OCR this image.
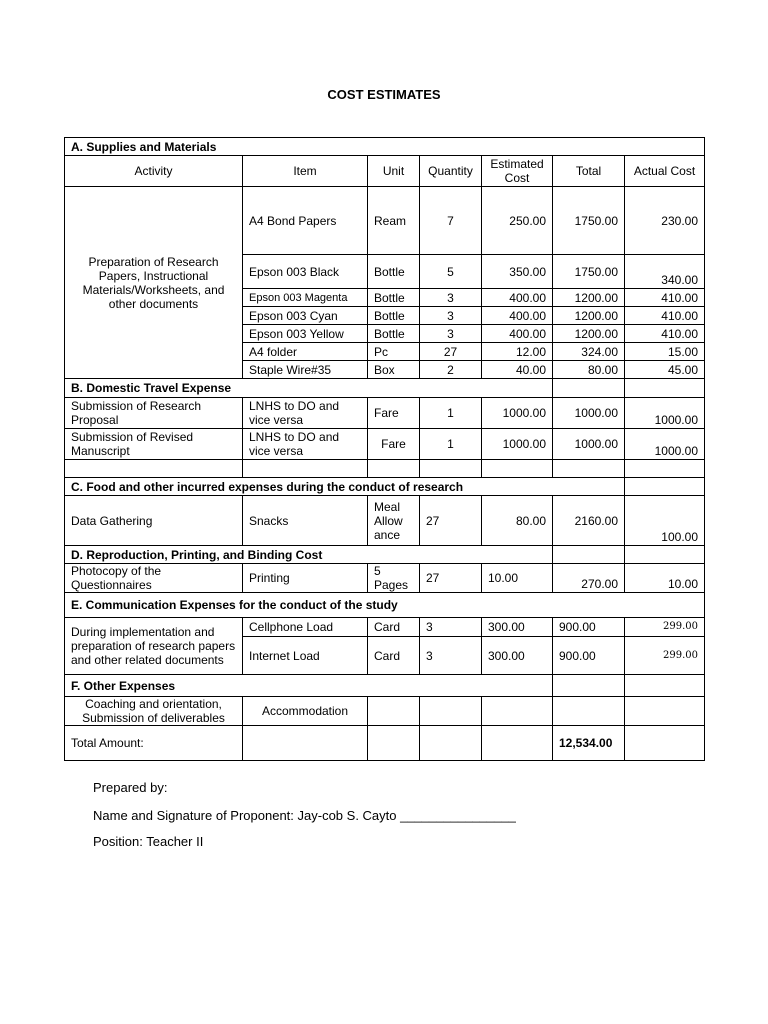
COST ESTIMATES
A. Supplies and Materials						
Activity	Item	Unit	Quantity	Estimated Cost	Total	Actual Cost
Preparation of Research Papers, Instructional Materials/Worksheets, and other documents	A4 Bond Papers	Ream	7	250.00	1750.00	230.00
	Epson 003 Black	Bottle	5	350.00	1750.00	340.00
	Epson 003 Magenta	Bottle	3	400.00	1200.00	410.00
	Epson 003 Cyan	Bottle	3	400.00	1200.00	410.00
	Epson 003 Yellow	Bottle	3	400.00	1200.00	410.00
	A4 folder	Pc	27	12.00	324.00	15.00
	Staple Wire#35	Box	2	40.00	80.00	45.00
B. Domestic Travel Expense						
Submission of Research Proposal	LNHS to DO and vice versa	Fare	1	1000.00	1000.00	1000.00
Submission of Revised Manuscript	LNHS to DO and vice versa	Fare	1	1000.00	1000.00	1000.00

C. Food and other incurred expenses during the conduct of research						
Data Gathering	Snacks	Meal Allow ance	27	80.00	2160.00	100.00
D. Reproduction, Printing, and Binding Cost						
Photocopy of the Questionnaires	Printing	5 Pages	27	10.00	270.00	10.00
E. Communication Expenses for the conduct of the study						
During implementation and preparation of research papers and other related documents	Cellphone Load	Card	3	300.00	900.00	299.00
	Internet Load	Card	3	300.00	900.00	299.00
F. Other Expenses						
Coaching and orientation, Submission of deliverables	Accommodation					
Total Amount:					12,534.00	
Prepared by:
Name and Signature of Proponent: Jay-cob S. Cayto ________________
Position: Teacher II
